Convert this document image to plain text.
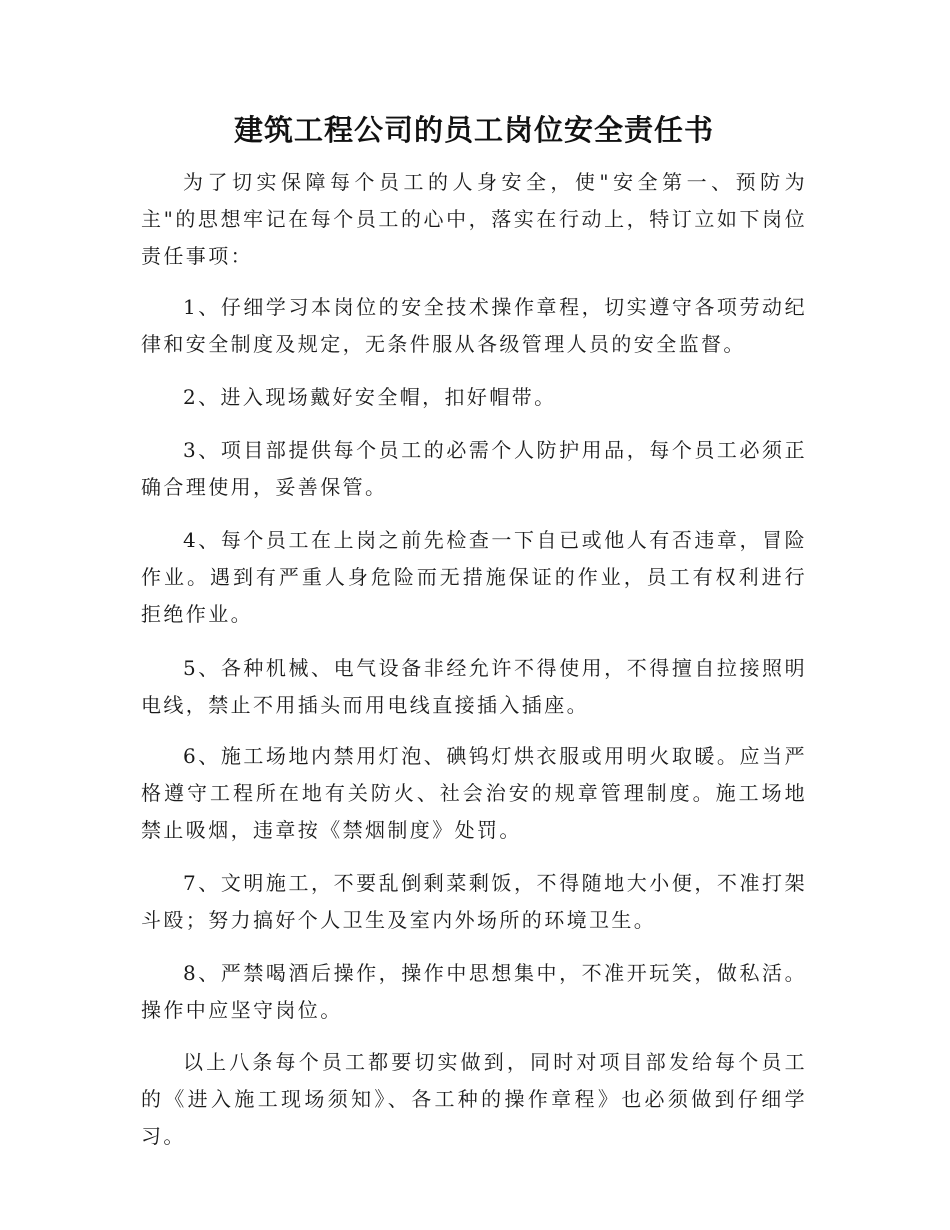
建筑工程公司的员工岗位安全责任书

为了切实保障每个员工的人身安全，使"安全第一、预防为主"的思想牢记在每个员工的心中，落实在行动上，特订立如下岗位责任事项：

1、仔细学习本岗位的安全技术操作章程，切实遵守各项劳动纪律和安全制度及规定，无条件服从各级管理人员的安全监督。

2、进入现场戴好安全帽，扣好帽带。

3、项目部提供每个员工的必需个人防护用品，每个员工必须正确合理使用，妥善保管。

4、每个员工在上岗之前先检查一下自已或他人有否违章，冒险作业。遇到有严重人身危险而无措施保证的作业，员工有权利进行拒绝作业。

5、各种机械、电气设备非经允许不得使用，不得擅自拉接照明电线，禁止不用插头而用电线直接插入插座。

6、施工场地内禁用灯泡、碘钨灯烘衣服或用明火取暖。应当严格遵守工程所在地有关防火、社会治安的规章管理制度。施工场地禁止吸烟，违章按《禁烟制度》处罚。

7、文明施工，不要乱倒剩菜剩饭，不得随地大小便，不准打架斗殴；努力搞好个人卫生及室内外场所的环境卫生。

8、严禁喝酒后操作，操作中思想集中，不准开玩笑，做私活。操作中应坚守岗位。

以上八条每个员工都要切实做到，同时对项目部发给每个员工的《进入施工现场须知》、各工种的操作章程》也必须做到仔细学习。
